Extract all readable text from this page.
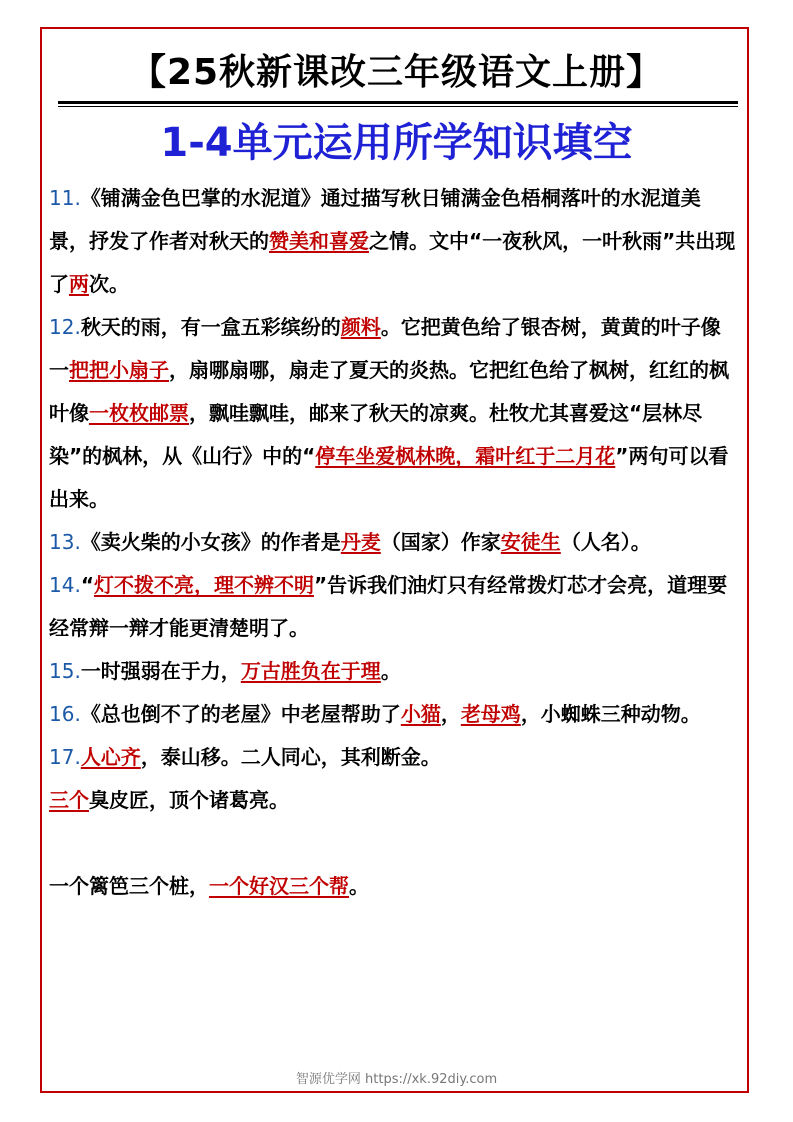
【25秋新课改三年级语文上册】
1-4单元运用所学知识填空

11.《铺满金色巴掌的水泥道》通过描写秋日铺满金色梧桐落叶的水泥道美景，抒发了作者对秋天的赞美和喜爱之情。文中“一夜秋风，一叶秋雨”共出现了两次。

12.秋天的雨，有一盒五彩缤纷的颜料。它把黄色给了银杏树，黄黄的叶子像一把把小扇子，扇哪扇哪，扇走了夏天的炎热。它把红色给了枫树，红红的枫叶像一枚枚邮票，飘哇飘哇，邮来了秋天的凉爽。杜牧尤其喜爱这“层林尽染”的枫林，从《山行》中的“停车坐爱枫林晚，霜叶红于二月花”两句可以看出来。

13.《卖火柴的小女孩》的作者是丹麦（国家）作家安徒生（人名）。

14.“灯不拨不亮，理不辨不明”告诉我们油灯只有经常拨灯芯才会亮，道理要经常辩一辩才能更清楚明了。

15.一时强弱在于力，万古胜负在于理。

16.《总也倒不了的老屋》中老屋帮助了小猫，老母鸡，小蜘蛛三种动物。

17.人心齐，泰山移。二人同心，其利断金。

三个臭皮匠，顶个诸葛亮。

一个篱笆三个桩，一个好汉三个帮。

智源优学网 https://xk.92diy.com
